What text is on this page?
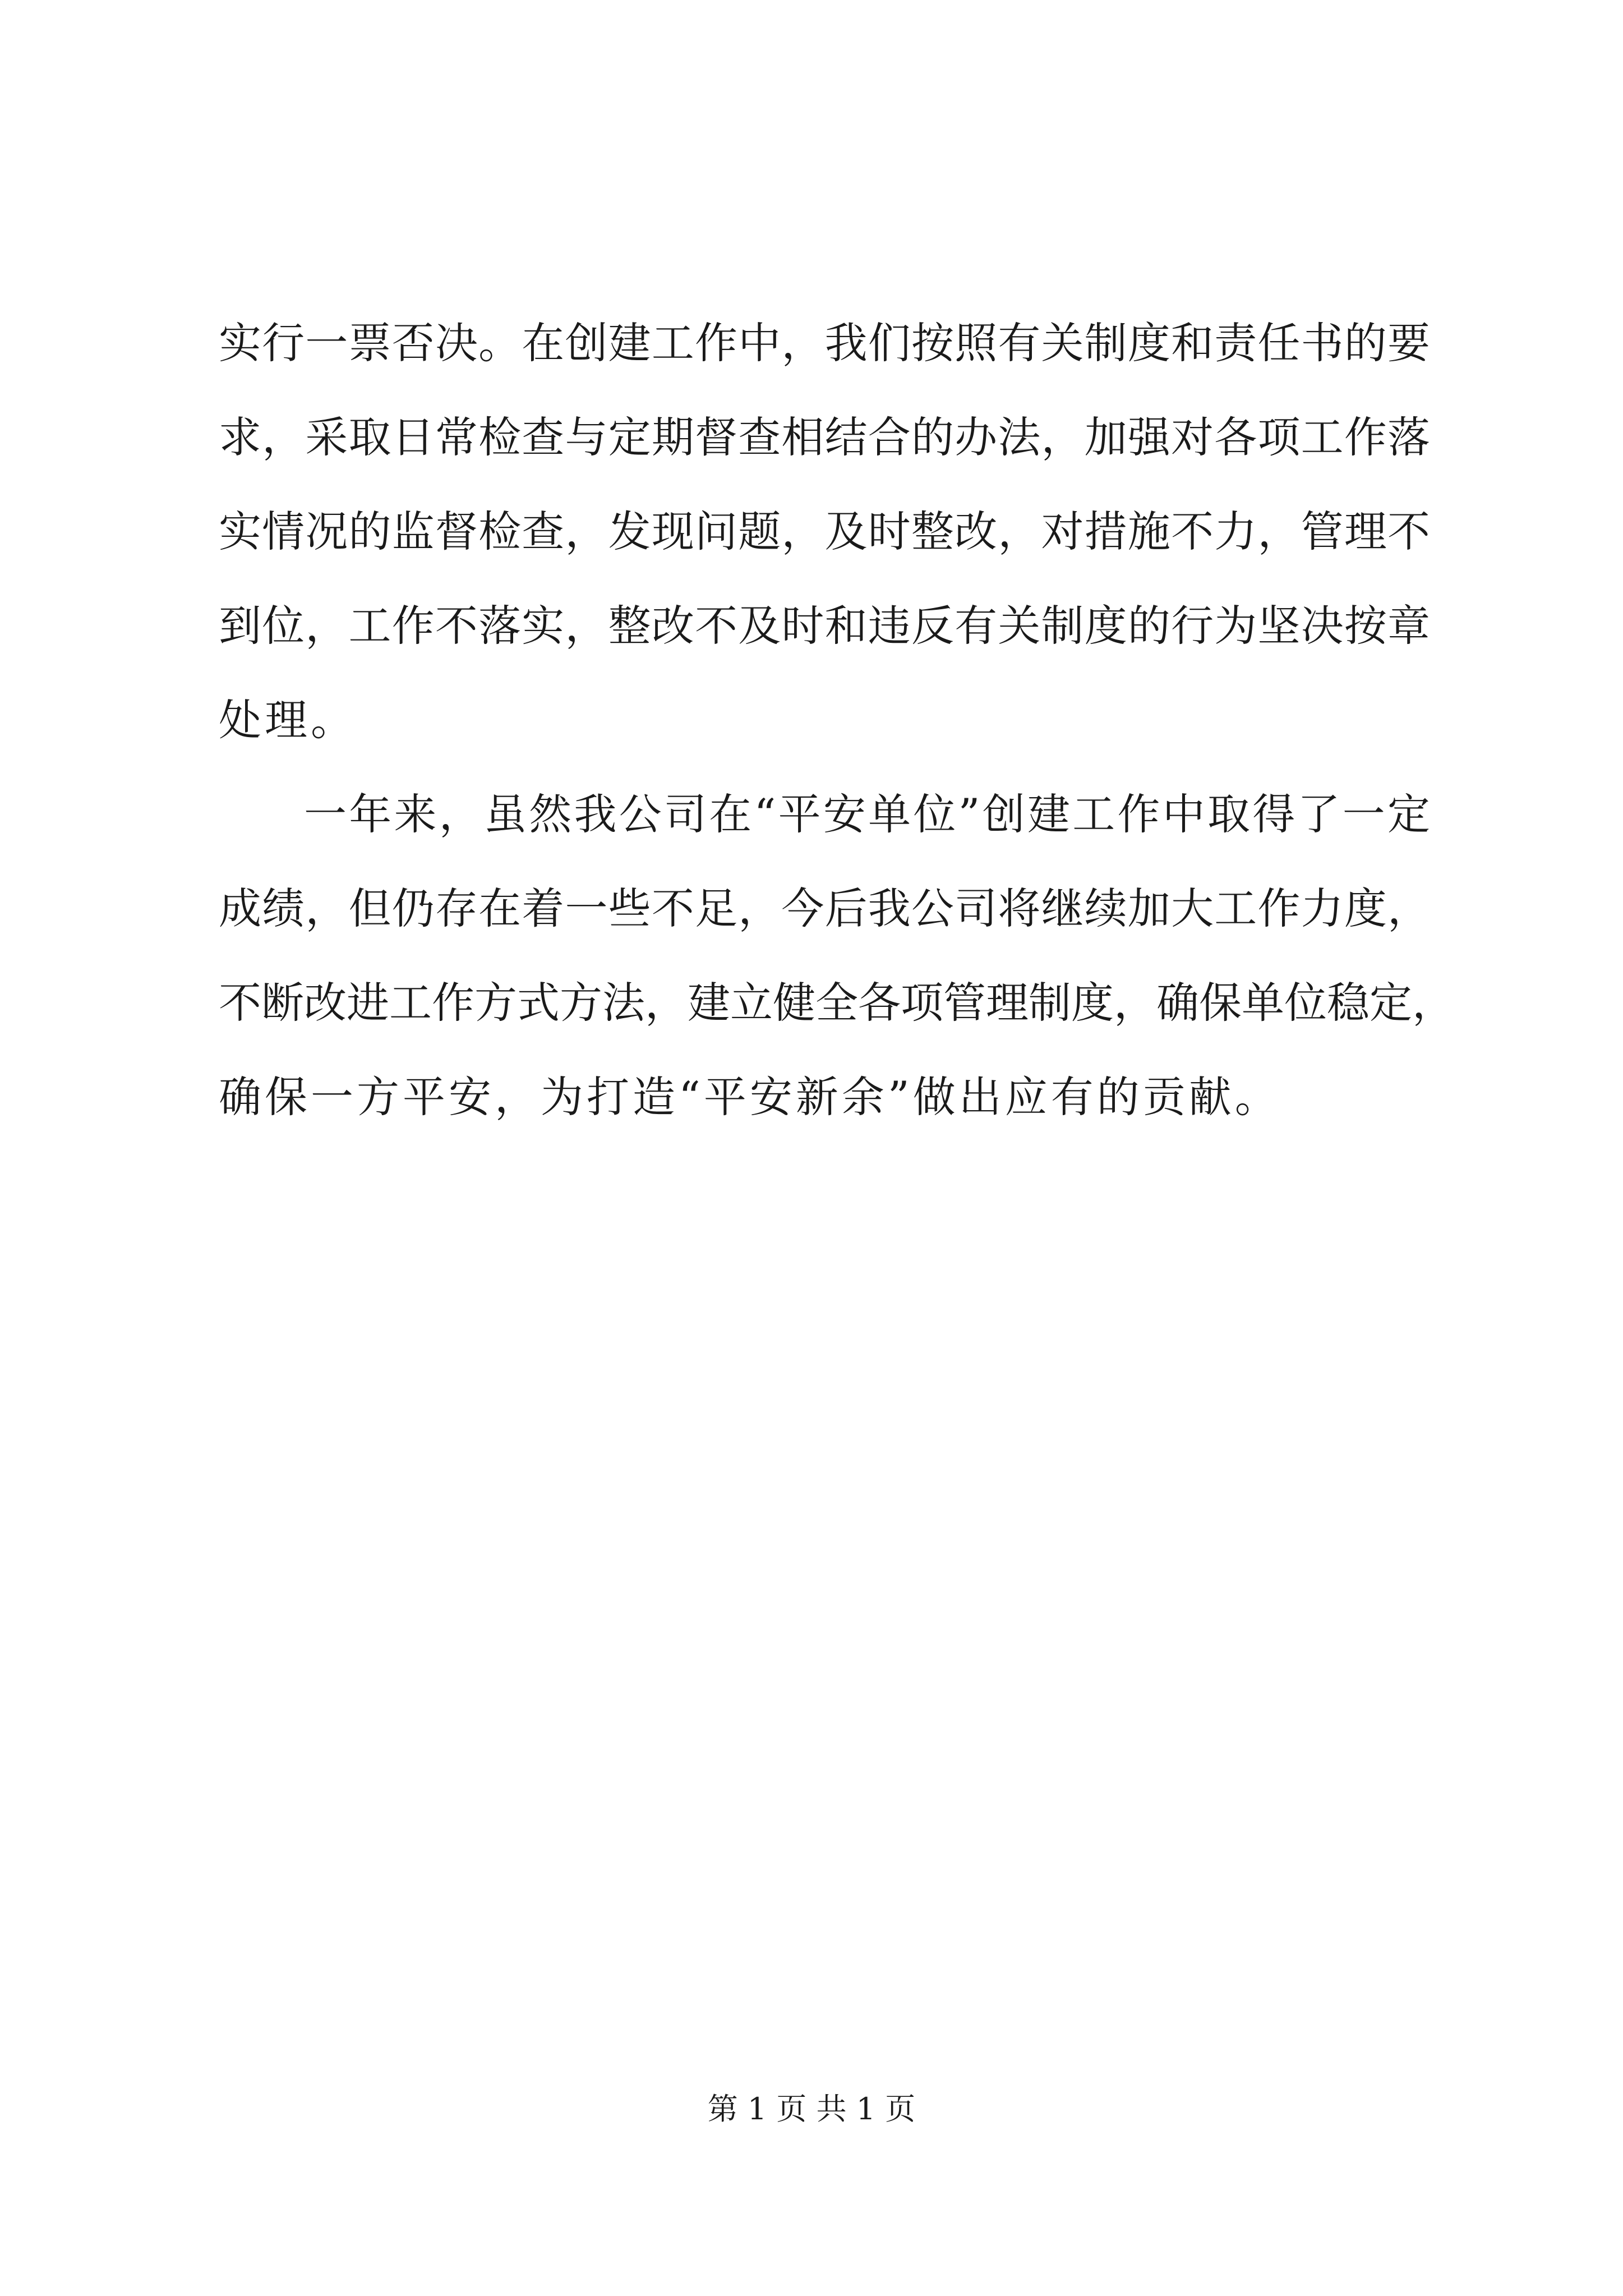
实行一票否决。在创建工作中，我们按照有关制度和责任书的要
求，采取日常检查与定期督查相结合的办法，加强对各项工作落
实情况的监督检查，发现问题，及时整改，对措施不力，管理不
到位，工作不落实，整改不及时和违反有关制度的行为坚决按章
处理。
一年来，虽然我公司在“平安单位”创建工作中取得了一定
成绩，但仍存在着一些不足，今后我公司将继续加大工作力度，
不断改进工作方式方法，建立健全各项管理制度，确保单位稳定，
确保一方平安，为打造“平安新余”做出应有的贡献。
第 1 页 共 1 页
